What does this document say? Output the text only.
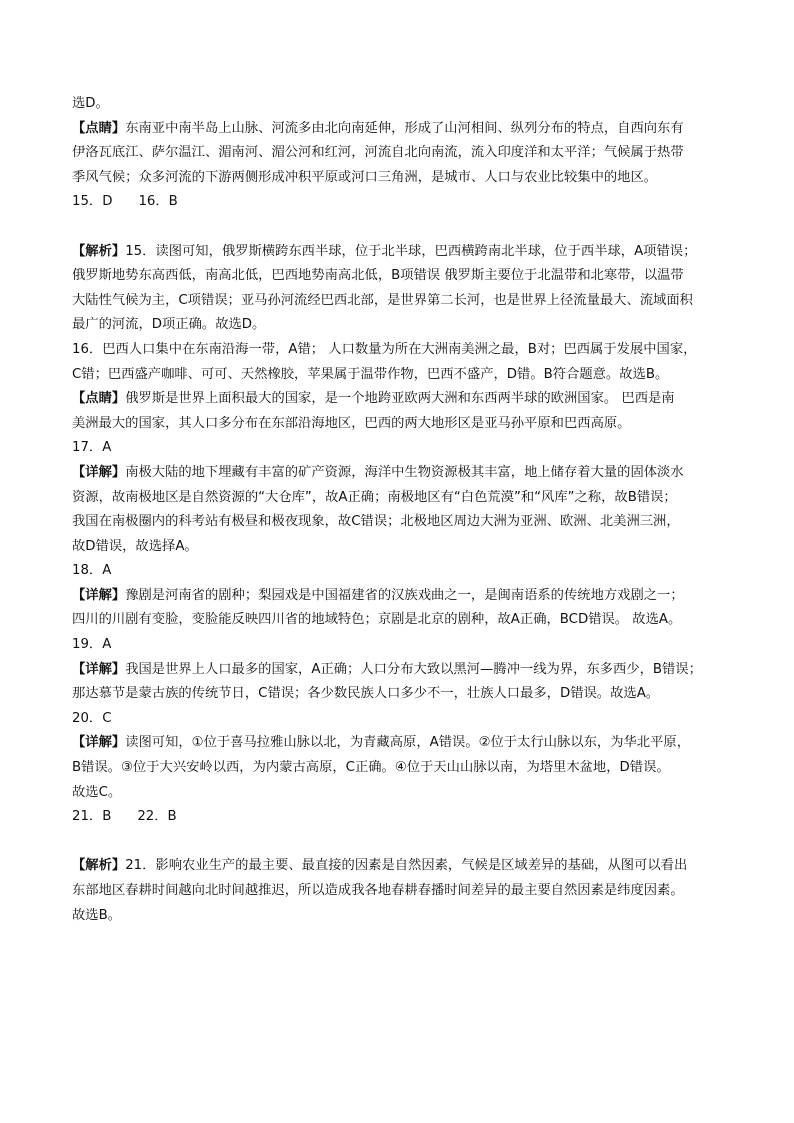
选D。
【点睛】东南亚中南半岛上山脉、河流多由北向南延伸，形成了山河相间、纵列分布的特点，自西向东有
伊洛瓦底江、萨尔温江、湄南河、湄公河和红河，河流自北向南流，流入印度洋和太平洋；气候属于热带
季风气候；众多河流的下游两侧形成冲积平原或河口三角洲，是城市、人口与农业比较集中的地区。
15．D 16．B
【解析】15．读图可知，俄罗斯横跨东西半球，位于北半球，巴西横跨南北半球，位于西半球，A项错误；
俄罗斯地势东高西低，南高北低，巴西地势南高北低，B项错误 俄罗斯主要位于北温带和北寒带，以温带
大陆性气候为主，C项错误；亚马孙河流经巴西北部，是世界第二长河，也是世界上径流量最大、流域面积
最广的河流，D项正确。故选D。
16．巴西人口集中在东南沿海一带，A错； 人口数量为所在大洲南美洲之最，B对；巴西属于发展中国家，
C错；巴西盛产咖啡、可可、天然橡胶，苹果属于温带作物，巴西不盛产，D错。B符合题意。故选B。
【点睛】俄罗斯是世界上面积最大的国家，是一个地跨亚欧两大洲和东西两半球的欧洲国家。 巴西是南
美洲最大的国家，其人口多分布在东部沿海地区，巴西的两大地形区是亚马孙平原和巴西高原。
17．A
【详解】南极大陆的地下埋藏有丰富的矿产资源，海洋中生物资源极其丰富，地上储存着大量的固体淡水
资源，故南极地区是自然资源的“大仓库”，故A正确；南极地区有“白色荒漠”和“风库”之称，故B错误；
我国在南极圈内的科考站有极昼和极夜现象，故C错误；北极地区周边大洲为亚洲、欧洲、北美洲三洲，
故D错误，故选择A。
18．A
【详解】豫剧是河南省的剧种；梨园戏是中国福建省的汉族戏曲之一，是闽南语系的传统地方戏剧之一；
四川的川剧有变脸，变脸能反映四川省的地域特色；京剧是北京的剧种，故A正确，BCD错误。 故选A。
19．A
【详解】我国是世界上人口最多的国家，A正确；人口分布大致以黑河—腾冲一线为界，东多西少，B错误；
那达慕节是蒙古族的传统节日，C错误；各少数民族人口多少不一，壮族人口最多，D错误。故选A。
20．C
【详解】读图可知，①位于喜马拉雅山脉以北，为青藏高原，A错误。②位于太行山脉以东，为华北平原，
B错误。③位于大兴安岭以西，为内蒙古高原，C正确。④位于天山山脉以南，为塔里木盆地，D错误。
故选C。
21．B 22．B
【解析】21．影响农业生产的最主要、最直接的因素是自然因素，气候是区域差异的基础，从图可以看出
东部地区春耕时间越向北时间越推迟，所以造成我各地春耕春播时间差异的最主要自然因素是纬度因素。
故选B。
